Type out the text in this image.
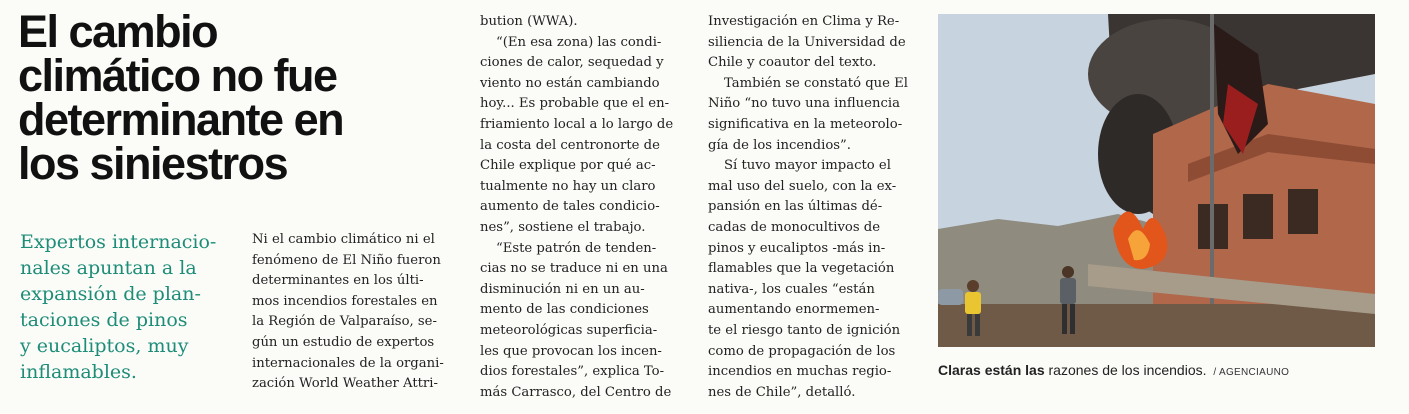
El cambio
climático no fue
determinante en
los siniestros
Expertos internacio-
nales apuntan a la
expansión de plan-
taciones de pinos
y eucaliptos, muy
inflamables.
Ni el cambio climático ni el
fenómeno de El Niño fueron
determinantes en los últi-
mos incendios forestales en
la Región de Valparaíso, se-
gún un estudio de expertos
internacionales de la organi-
zación World Weather Attri-
bution (WWA).
“(En esa zona) las condi-
ciones de calor, sequedad y
viento no están cambiando
hoy... Es probable que el en-
friamiento local a lo largo de
la costa del centronorte de
Chile explique por qué ac-
tualmente no hay un claro
aumento de tales condicio-
nes”, sostiene el trabajo.
“Este patrón de tenden-
cias no se traduce ni en una
disminución ni en un au-
mento de las condiciones
meteorológicas superficia-
les que provocan los incen-
dios forestales”, explica To-
más Carrasco, del Centro de
Investigación en Clima y Re-
siliencia de la Universidad de
Chile y coautor del texto.
También se constató que El
Niño “no tuvo una influencia
significativa en la meteorolo-
gía de los incendios”.
Sí tuvo mayor impacto el
mal uso del suelo, con la ex-
pansión en las últimas dé-
cadas de monocultivos de
pinos y eucaliptos -más in-
flamables que la vegetación
nativa-, los cuales “están
aumentando enormemen-
te el riesgo tanto de ignición
como de propagación de los
incendios en muchas regio-
nes de Chile”, detalló.
Claras están las razones de los incendios. / AGENCIAUNO
